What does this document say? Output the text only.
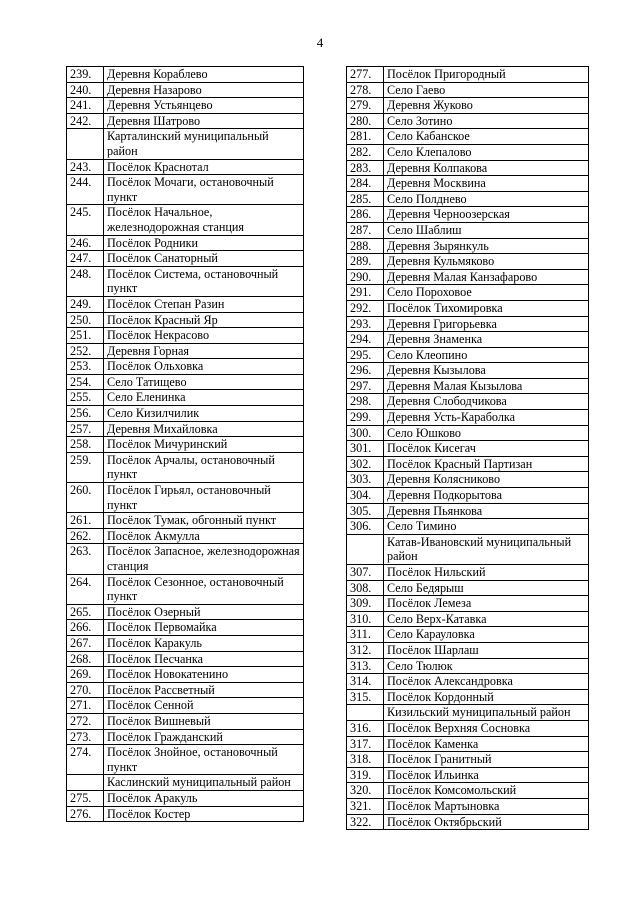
4
239.	Деревня Кораблево
240.	Деревня Назарово
241.	Деревня Устьянцево
242.	Деревня Шатрово
	Карталинский муниципальный район
243.	Посёлок Краснотал
244.	Посёлок Мочаги, остановочный пункт
245.	Посёлок Начальное, железнодорожная станция
246.	Посёлок Родники
247.	Посёлок Санаторный
248.	Посёлок Система, остановочный пункт
249.	Посёлок Степан Разин
250.	Посёлок Красный Яр
251.	Посёлок Некрасово
252.	Деревня Горная
253.	Посёлок Ольховка
254.	Село Татищево
255.	Село Еленинка
256.	Село Кизилчилик
257.	Деревня Михайловка
258.	Посёлок Мичуринский
259.	Посёлок Арчалы, остановочный пункт
260.	Посёлок Гирьял, остановочный пункт
261.	Посёлок Тумак, обгонный пункт
262.	Посёлок Акмулла
263.	Посёлок Запасное, железнодорожная станция
264.	Посёлок Сезонное, остановочный пункт
265.	Посёлок Озерный
266.	Посёлок Первомайка
267.	Посёлок Каракуль
268.	Посёлок Песчанка
269.	Посёлок Новокатенино
270.	Посёлок Рассветный
271.	Посёлок Сенной
272.	Посёлок Вишневый
273.	Посёлок Гражданский
274.	Посёлок Знойное, остановочный пункт
	Каслинский муниципальный район
275.	Посёлок Аракуль
276.	Посёлок Костер
277.	Посёлок Пригородный
278.	Село Гаево
279.	Деревня Жуково
280.	Село Зотино
281.	Село Кабанское
282.	Село Клепалово
283.	Деревня Колпакова
284.	Деревня Москвина
285.	Село Полднево
286.	Деревня Черноозерская
287.	Село Шаблиш
288.	Деревня Зырянкуль
289.	Деревня Кульмяково
290.	Деревня Малая Канзафарово
291.	Село Пороховое
292.	Посёлок Тихомировка
293.	Деревня Григорьевка
294.	Деревня Знаменка
295.	Село Клеопино
296.	Деревня Кызылова
297.	Деревня Малая Кызылова
298.	Деревня Слободчикова
299.	Деревня Усть-Караболка
300.	Село Юшково
301.	Посёлок Кисегач
302.	Посёлок Красный Партизан
303.	Деревня Колясниково
304.	Деревня Подкорытова
305.	Деревня Пьянкова
306.	Село Тимино
	Катав-Ивановский муниципальный район
307.	Посёлок Нильский
308.	Село Бедярыш
309.	Посёлок Лемеза
310.	Село Верх-Катавка
311.	Село Карауловка
312.	Посёлок Шарлаш
313.	Село Тюлюк
314.	Посёлок Александровка
315.	Посёлок Кордонный
	Кизильский муниципальный район
316.	Посёлок Верхняя Сосновка
317.	Посёлок Каменка
318.	Посёлок Гранитный
319.	Посёлок Ильинка
320.	Посёлок Комсомольский
321.	Посёлок Мартыновка
322.	Посёлок Октябрьский
